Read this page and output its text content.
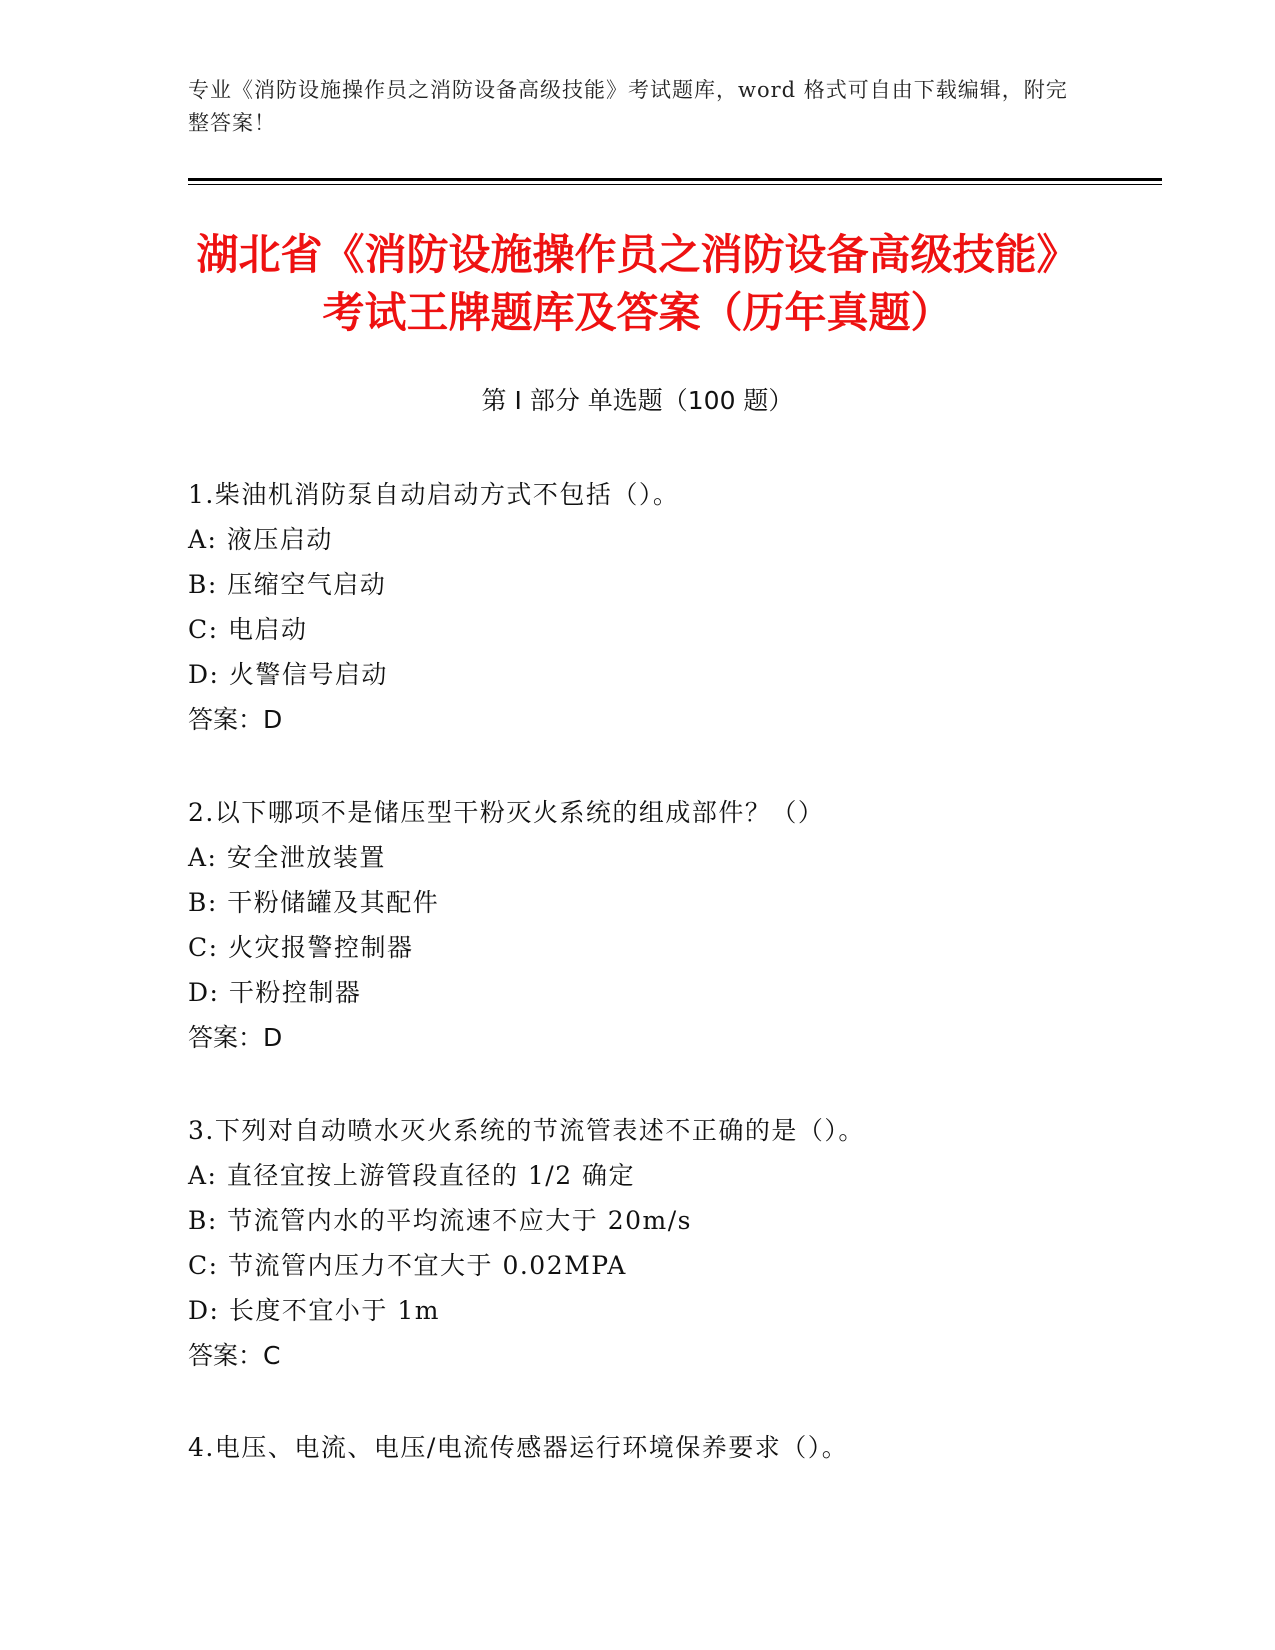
专业《消防设施操作员之消防设备高级技能》考试题库，word 格式可自由下载编辑，附完整答案！
湖北省《消防设施操作员之消防设备高级技能》考试王牌题库及答案（历年真题）
第 I 部分 单选题（100 题）
1.柴油机消防泵自动启动方式不包括（）。
A: 液压启动
B: 压缩空气启动
C: 电启动
D: 火警信号启动
答案：D
2.以下哪项不是储压型干粉灭火系统的组成部件？（）
A: 安全泄放装置
B: 干粉储罐及其配件
C: 火灾报警控制器
D: 干粉控制器
答案：D
3.下列对自动喷水灭火系统的节流管表述不正确的是（）。
A: 直径宜按上游管段直径的 1/2 确定
B: 节流管内水的平均流速不应大于 20m/s
C: 节流管内压力不宜大于 0.02MPA
D: 长度不宜小于 1m
答案：C
4.电压、电流、电压/电流传感器运行环境保养要求（）。
